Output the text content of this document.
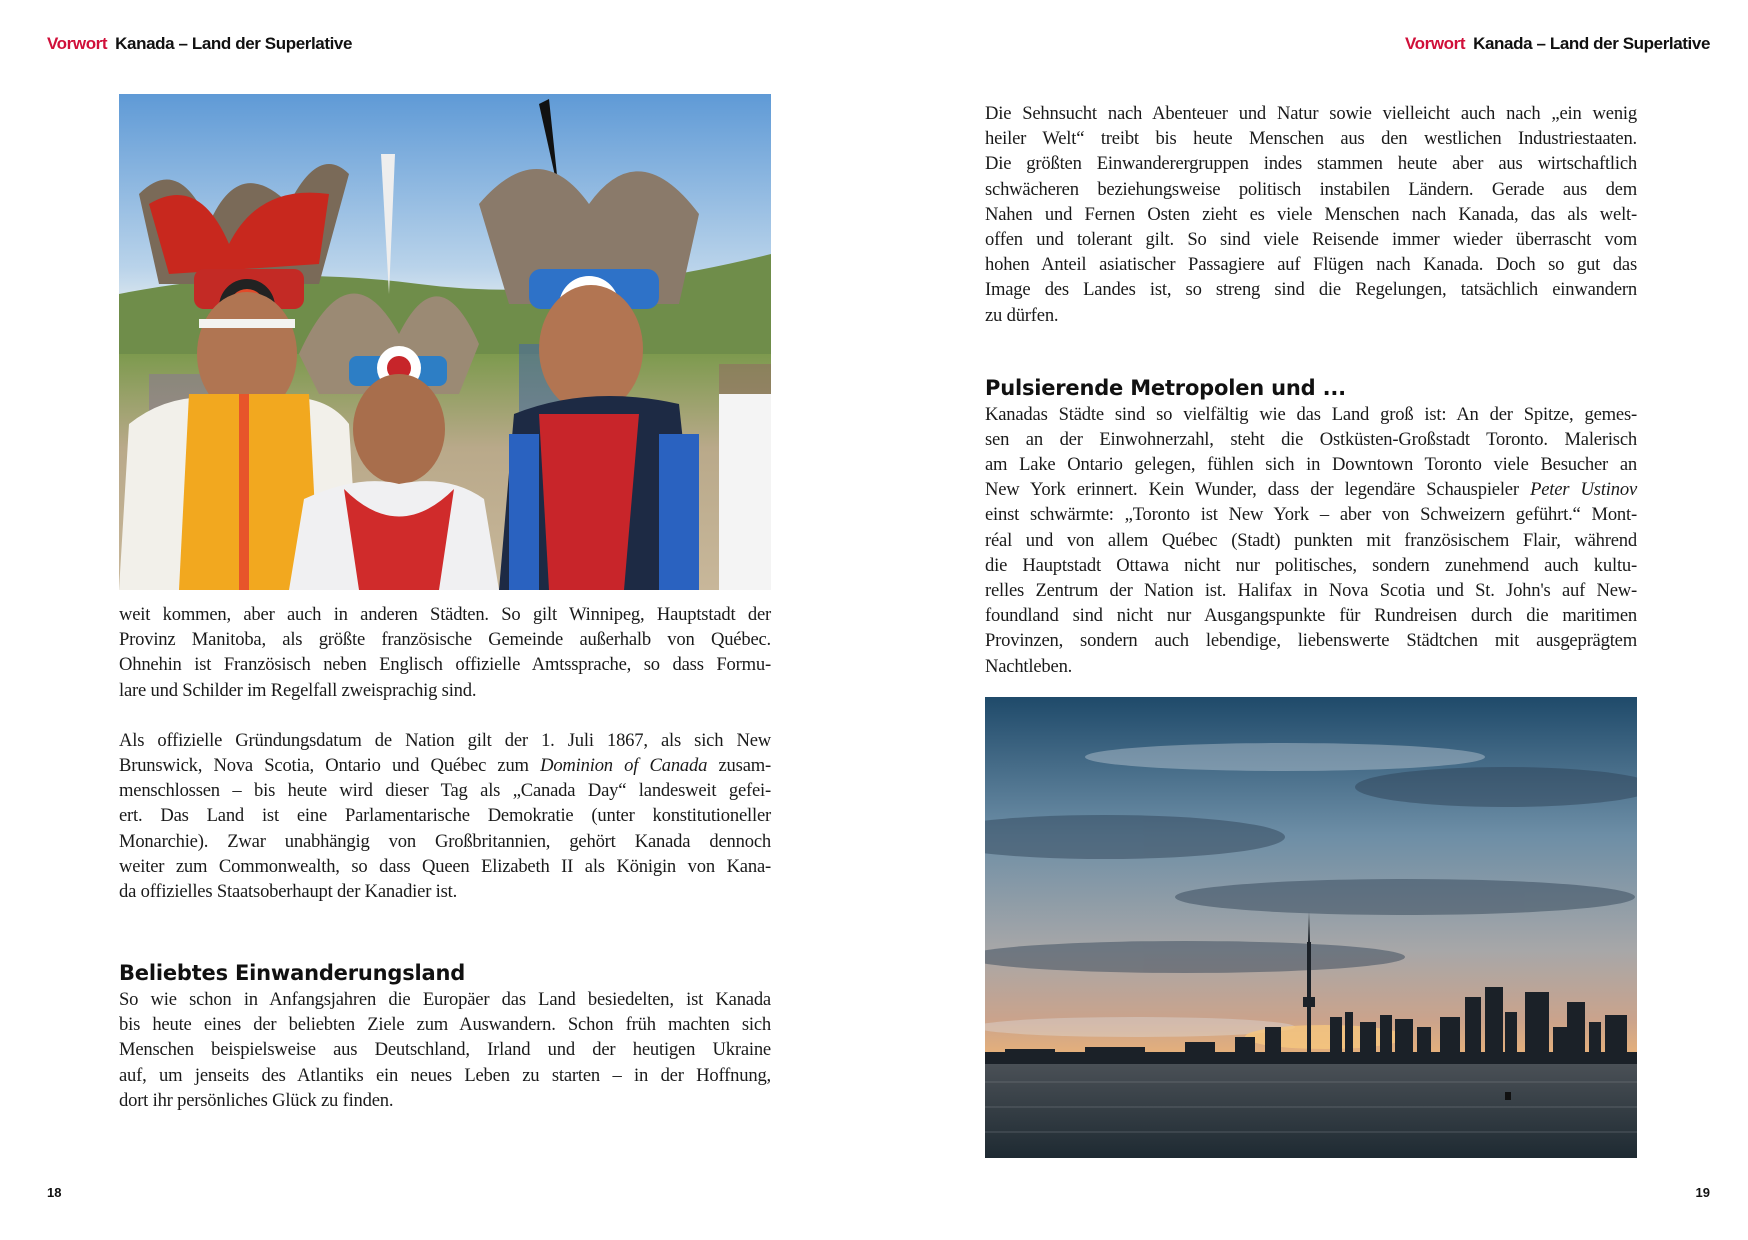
Vorwort Kanada – Land der Superlative
weit kommen, aber auch in anderen Städten. So gilt Winnipeg, Hauptstadt der
Provinz Manitoba, als größte französische Gemeinde außerhalb von Québec.
Ohnehin ist Französisch neben Englisch offizielle Amtssprache, so dass Formu-
lare und Schilder im Regelfall zweisprachig sind.
Als offizielle Gründungsdatum de Nation gilt der 1. Juli 1867, als sich New
Brunswick, Nova Scotia, Ontario und Québec zum Dominion of Canada zusam-
menschlossen – bis heute wird dieser Tag als „Canada Day“ landesweit gefei-
ert. Das Land ist eine Parlamentarische Demokratie (unter konstitutioneller
Monarchie). Zwar unabhängig von Großbritannien, gehört Kanada dennoch
weiter zum Commonwealth, so dass Queen Elizabeth II als Königin von Kana-
da offizielles Staatsoberhaupt der Kanadier ist.
Beliebtes Einwanderungsland
So wie schon in Anfangsjahren die Europäer das Land besiedelten, ist Kanada
bis heute eines der beliebten Ziele zum Auswandern. Schon früh machten sich
Menschen beispielsweise aus Deutschland, Irland und der heutigen Ukraine
auf, um jenseits des Atlantiks ein neues Leben zu starten – in der Hoffnung,
dort ihr persönliches Glück zu finden.
18
Vorwort Kanada – Land der Superlative
Die Sehnsucht nach Abenteuer und Natur sowie vielleicht auch nach „ein wenig
heiler Welt“ treibt bis heute Menschen aus den westlichen Industriestaaten.
Die größten Einwanderergruppen indes stammen heute aber aus wirtschaftlich
schwächeren beziehungsweise politisch instabilen Ländern. Gerade aus dem
Nahen und Fernen Osten zieht es viele Menschen nach Kanada, das als welt-
offen und tolerant gilt. So sind viele Reisende immer wieder überrascht vom
hohen Anteil asiatischer Passagiere auf Flügen nach Kanada. Doch so gut das
Image des Landes ist, so streng sind die Regelungen, tatsächlich einwandern
zu dürfen.
Pulsierende Metropolen und ...
Kanadas Städte sind so vielfältig wie das Land groß ist: An der Spitze, gemes-
sen an der Einwohnerzahl, steht die Ostküsten-Großstadt Toronto. Malerisch
am Lake Ontario gelegen, fühlen sich in Downtown Toronto viele Besucher an
New York erinnert. Kein Wunder, dass der legendäre Schauspieler Peter Ustinov
einst schwärmte: „Toronto ist New York – aber von Schweizern geführt.“ Mont-
réal und von allem Québec (Stadt) punkten mit französischem Flair, während
die Hauptstadt Ottawa nicht nur politisches, sondern zunehmend auch kultu-
relles Zentrum der Nation ist. Halifax in Nova Scotia und St. John's auf New-
foundland sind nicht nur Ausgangspunkte für Rundreisen durch die maritimen
Provinzen, sondern auch lebendige, liebenswerte Städtchen mit ausgeprägtem
Nachtleben.
19
